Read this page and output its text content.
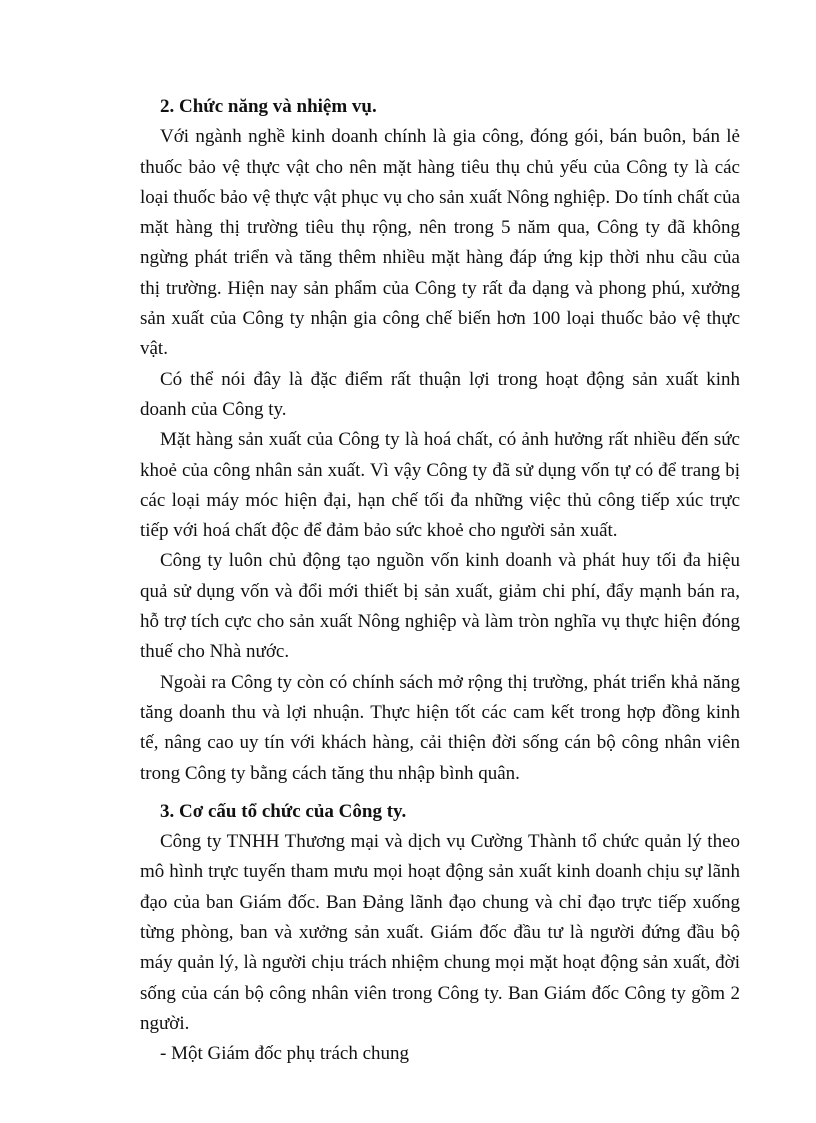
2. Chức năng và nhiệm vụ.

Với ngành nghề kinh doanh chính là gia công, đóng gói, bán buôn, bán lẻ thuốc bảo vệ thực vật cho nên mặt hàng tiêu thụ chủ yếu của Công ty là các loại thuốc bảo vệ thực vật phục vụ cho sản xuất Nông nghiệp. Do tính chất của mặt hàng thị trường tiêu thụ rộng, nên trong 5 năm qua, Công ty đã không ngừng phát triển và tăng thêm nhiều mặt hàng đáp ứng kịp thời nhu cầu của thị trường. Hiện nay sản phẩm của Công ty rất đa dạng và phong phú, xưởng sản xuất của Công ty nhận gia công chế biến hơn 100 loại thuốc bảo vệ thực vật.

Có thể nói đây là đặc điểm rất thuận lợi trong hoạt động sản xuất kinh doanh của Công ty.

Mặt hàng sản xuất của Công ty là hoá chất, có ảnh hưởng rất nhiều đến sức khoẻ của công nhân sản xuất. Vì vậy Công ty đã sử dụng vốn tự có để trang bị các loại máy móc hiện đại, hạn chế tối đa những việc thủ công tiếp xúc trực tiếp với hoá chất độc để đảm bảo sức khoẻ cho người sản xuất.

Công ty luôn chủ động tạo nguồn vốn kinh doanh và phát huy tối đa hiệu quả sử dụng vốn và đổi mới thiết bị sản xuất, giảm chi phí, đẩy mạnh bán ra, hỗ trợ tích cực cho sản xuất Nông nghiệp và làm tròn nghĩa vụ thực hiện đóng thuế cho Nhà nước.

Ngoài ra Công ty còn có chính sách mở rộng thị trường, phát triển khả năng tăng doanh thu và lợi nhuận. Thực hiện tốt các cam kết trong hợp đồng kinh tế, nâng cao uy tín với khách hàng, cải thiện đời sống cán bộ công nhân viên trong Công ty bằng cách tăng thu nhập bình quân.

3. Cơ cấu tổ chức của Công ty.

Công ty TNHH Thương mại và dịch vụ Cường Thành tổ chức quản lý theo mô hình trực tuyến tham mưu mọi hoạt động sản xuất kinh doanh chịu sự lãnh đạo của ban Giám đốc. Ban Đảng lãnh đạo chung và chỉ đạo trực tiếp xuống từng phòng, ban và xưởng sản xuất. Giám đốc đầu tư là người đứng đầu bộ máy quản lý, là người chịu trách nhiệm chung mọi mặt hoạt động sản xuất, đời sống của cán bộ công nhân viên trong Công ty. Ban Giám đốc Công ty gồm 2 người.

- Một Giám đốc phụ trách chung
